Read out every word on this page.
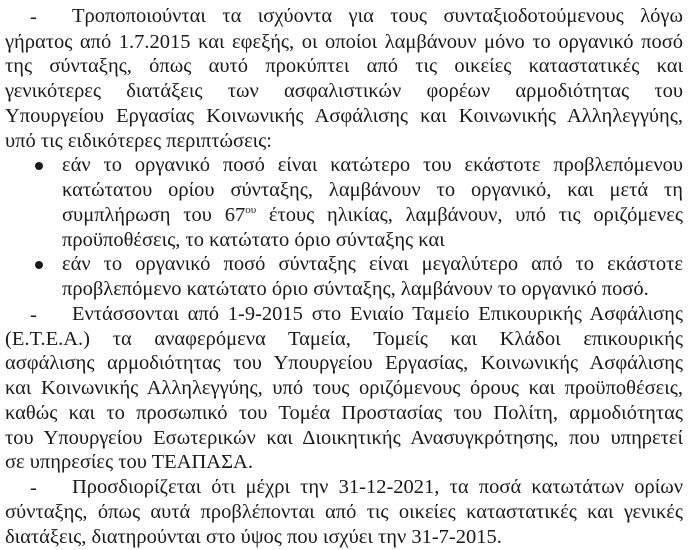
- Τροποποιούνται τα ισχύοντα για τους συνταξιοδοτούμενους λόγω
γήρατος από 1.7.2015 και εφεξής, οι οποίοι λαμβάνουν μόνο το οργανικό ποσό
της σύνταξης, όπως αυτό προκύπτει από τις οικείες καταστατικές και
γενικότερες διατάξεις των ασφαλιστικών φορέων αρμοδιότητας του
Υπουργείου Εργασίας Κοινωνικής Ασφάλισης και Κοινωνικής Αλληλεγγύης,
υπό τις ειδικότερες περιπτώσεις:
εάν το οργανικό ποσό είναι κατώτερο του εκάστοτε προβλεπόμενου
κατώτατου ορίου σύνταξης, λαμβάνουν το οργανικό, και μετά τη
συμπλήρωση του $67^{o\upsilon}$ έτους ηλικίας, λαμβάνουν, υπό τις οριζόμενες
προϋποθέσεις, το κατώτατο όριο σύνταξης και
εάν το οργανικό ποσό σύνταξης είναι μεγαλύτερο από το εκάστοτε
προβλεπόμενο κατώτατο όριο σύνταξης, λαμβάνουν το οργανικό ποσό.
- Εντάσσονται από 1-9-2015 στο Ενιαίο Ταμείο Επικουρικής Ασφάλισης
(Ε.Τ.Ε.Α.) τα αναφερόμενα Ταμεία, Τομείς και Κλάδοι επικουρικής
ασφάλισης αρμοδιότητας του Υπουργείου Εργασίας, Κοινωνικής Ασφάλισης
και Κοινωνικής Αλληλεγγύης, υπό τους οριζόμενους όρους και προϋποθέσεις,
καθώς και το προσωπικό του Τομέα Προστασίας του Πολίτη, αρμοδιότητας
του Υπουργείου Εσωτερικών και Διοικητικής Ανασυγκρότησης, που υπηρετεί
σε υπηρεσίες του ΤΕΑΠΑΣΑ.
- Προσδιορίζεται ότι μέχρι την 31-12-2021, τα ποσά κατωτάτων ορίων
σύνταξης, όπως αυτά προβλέπονται από τις οικείες καταστατικές και γενικές
διατάξεις, διατηρούνται στο ύψος που ισχύει την 31-7-2015.
